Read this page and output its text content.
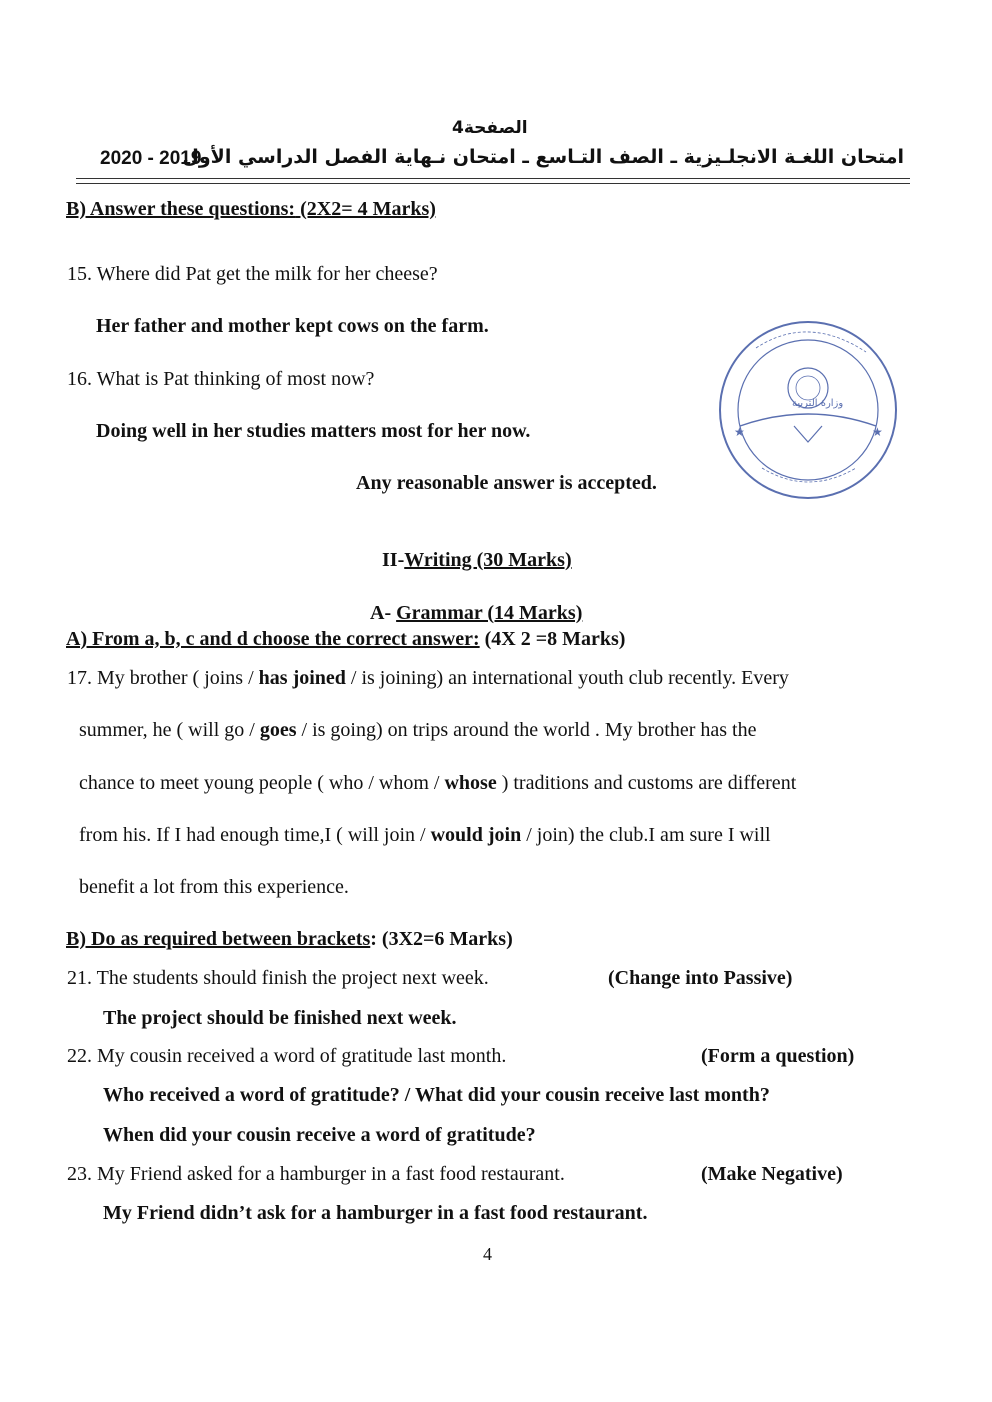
الصفحة4
امتحان اللغـة الانجلـيزية ـ الصف التـاسع ـ امتحان نـهاية الفصل الدراسي الأول
2020 - 2019
B) Answer these questions: (2X2= 4 Marks)
15. Where did Pat get the milk for her cheese?
Her father and mother kept cows on the farm.
16. What is Pat thinking of most now?
Doing well in her studies matters most for her now.
Any reasonable answer is accepted.
★	★
وزارة التربية
II-Writing (30 Marks)
A- Grammar (14 Marks)
A) From a, b, c and d choose the correct answer: (4X 2 =8 Marks)
17. My brother ( joins / has joined / is joining) an international youth club recently. Every
summer, he ( will go / goes / is going) on trips around the world . My brother has the
chance to meet young people ( who / whom / whose ) traditions and customs are different
from his. If I had enough time,I ( will join / would join / join) the club.I am sure I will
benefit a lot from this experience.
B) Do as required between brackets: (3X2=6 Marks)
21. The students should finish the project next week.	(Change into Passive)
The project should be finished next week.
22. My cousin received a word of gratitude last month.	(Form a question)
Who received a word of gratitude? / What did your cousin receive last month?
When did your cousin receive a word of gratitude?
23. My Friend asked for a hamburger in a fast food restaurant.	(Make Negative)
My Friend didn’t ask for a hamburger in a fast food restaurant.
4
